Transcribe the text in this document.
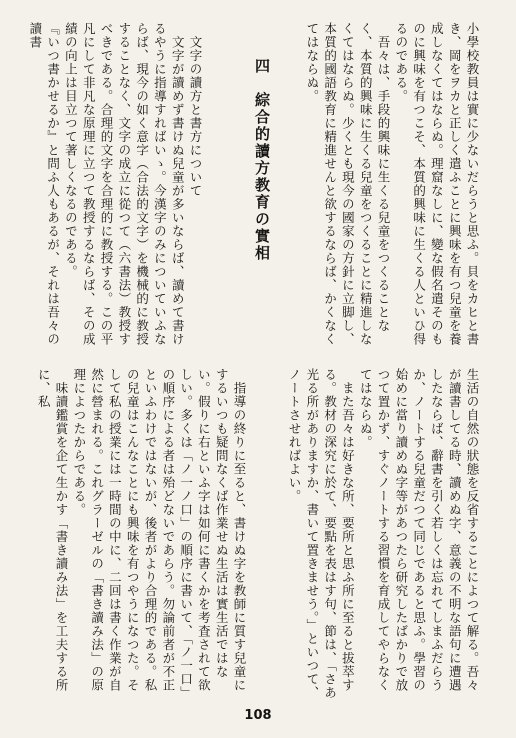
小學校教員は實に少ないだらうと思ふ。貝をカヒと書き、岡をヲカと正しく遣ふことに興味を有つ兒童を養成しなくてはならぬ。理窟なしに、變な假名遣そのものに興味を有つこそ、本質的興味に生くる人といひ得るのである。
　吾々は、手段的興味に生くる兒童をつくることなく、本質的興味に生くる兒童をつくることに精進しなくてはならぬ。少くとも現今の國家の方針に立脚し、本質的國語教育に精進せんと欲するならば、かくなくてはならぬ。
四　綜合的讀方教育の實相
　文字の讀方と書方について
　文字が讀めず書けぬ兒童が多いならば、讀めて書けるやうに指導すればいゝ。今漢字のみについていふならば、現今の如く意字（合法的文字）を機械的に教授することなく、文字の成立に從つて（六書法）教授すべきである。合理的文字を合理的に教授する。この平凡にして非凡な原理に立つて教授するならば、その成績の向上は目立つて著しくなるのである。
『いつ書かせるか』と問ふ人もあるが、それは吾々の讀書
生活の自然の狀態を反省することによつて解る。吾々が讀書してる時、讀めぬ字、意義の不明な語句に遭遇したならば、辭書を引く若しくは忘れてしまふだらうか、ノートする兒童だつて同じであると思ふ。學習の始めに當り讀めぬ字等があつたら研究したばかりで放つて置かず、すぐノートする習慣を育成してやらなくてはならぬ。
　また吾々は好きな所、要所と思ふ所に至ると拔萃する。教材の深究に於て、要點を表はす句、節は、「さあ光る所がありますか、書いて置きませう。」といつて、ノートさせればよい。
　指導の終りに至ると、書けぬ字を教師に質す兒童にするいつも疑問なくば作業せぬ生活は實生活ではない。假りに右といふ字は如何に書くかを考査されて欲しい。多くは「ノ一ノ口」の順序に書いて、「ノ一口」の順序による者は殆どないであらう。勿論前者が不正といふわけではないが、後者がより合理的である。私の兒童はこんなことにも興味を有つやうになつた。そして私の授業には一時間の中に、二回は書く作業が自然に營まれる。これグラーゼルの「書き讀み法」の原理によつたからである。
　味讀鑑賞を企て生かす「書き讀み法」を工夫する所に、私
108
